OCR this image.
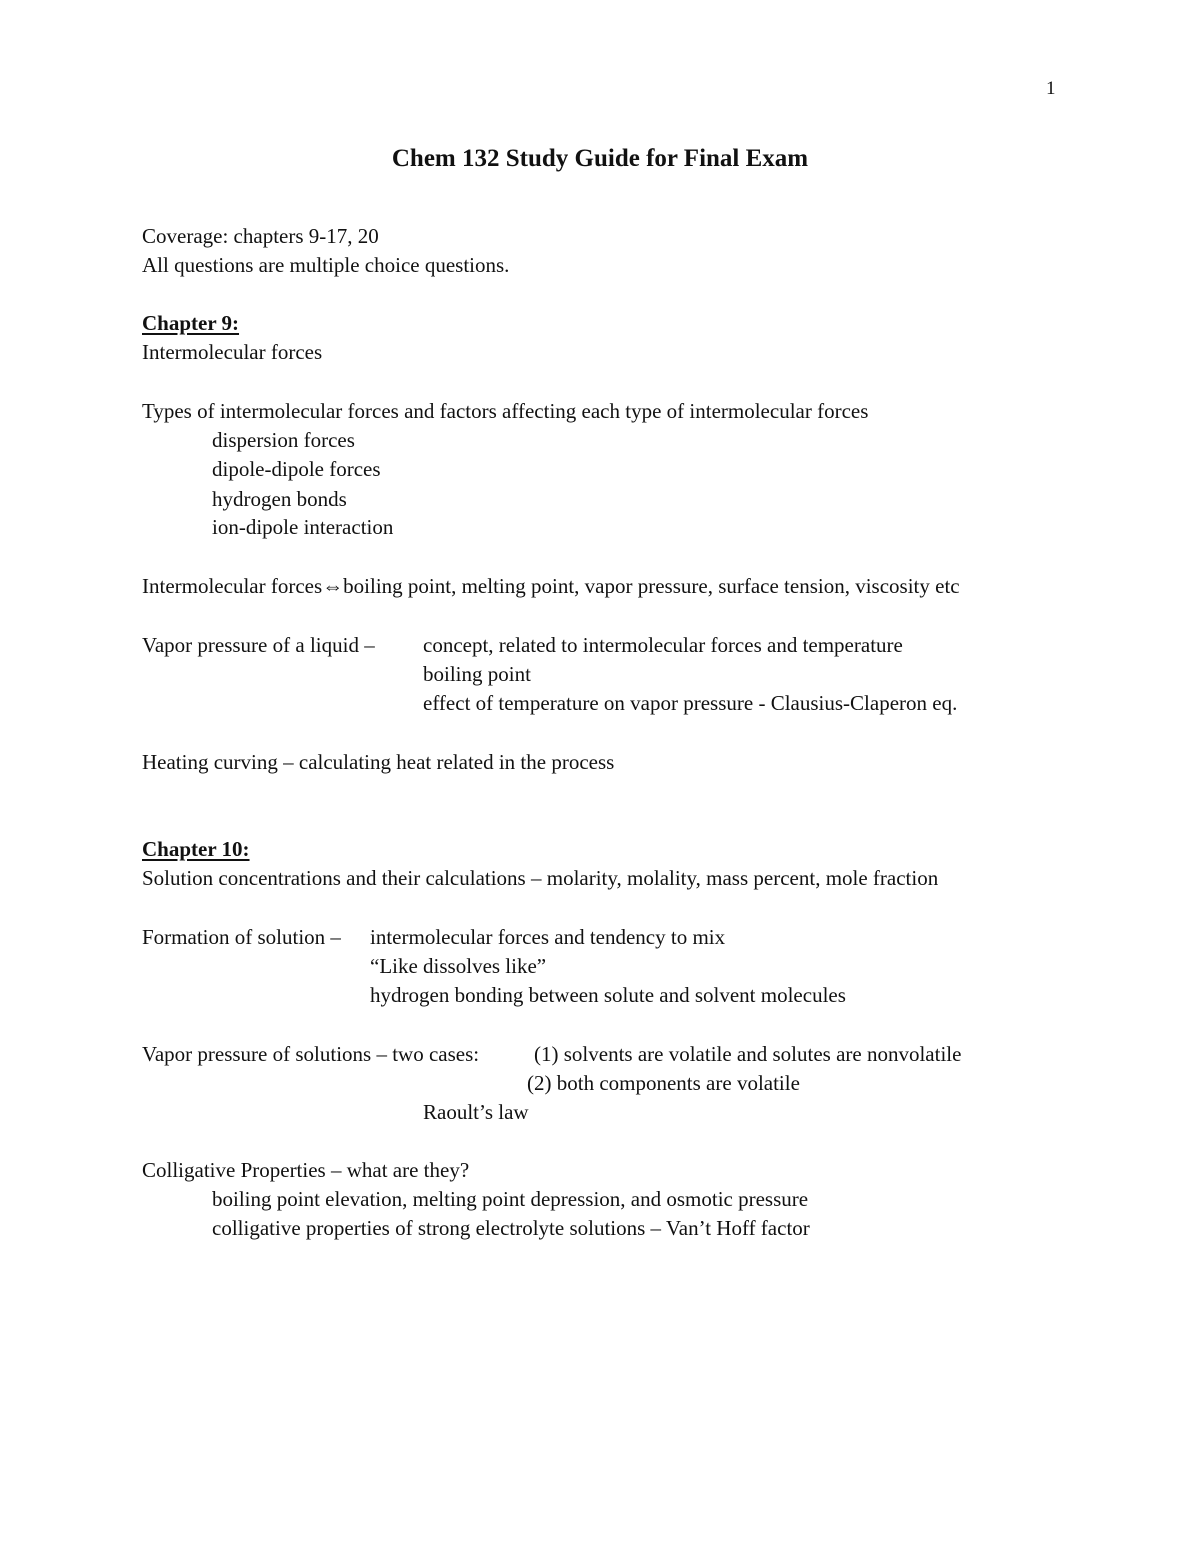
1
Chem 132 Study Guide for Final Exam
Coverage: chapters 9-17, 20
All questions are multiple choice questions.
Chapter 9:
Intermolecular forces
Types of intermolecular forces and factors affecting each type of intermolecular forces
dispersion forces
dipole-dipole forces
hydrogen bonds
ion-dipole interaction
Intermolecular forces⇔boiling point, melting point, vapor pressure, surface tension, viscosity etc
Vapor pressure of a liquid – concept, related to intermolecular forces and temperature
boiling point
effect of temperature on vapor pressure - Clausius-Claperon eq.
Heating curving – calculating heat related in the process
Chapter 10:
Solution concentrations and their calculations – molarity, molality, mass percent, mole fraction
Formation of solution – intermolecular forces and tendency to mix
“Like dissolves like”
hydrogen bonding between solute and solvent molecules
Vapor pressure of solutions – two cases:	(1) solvents are volatile and solutes are nonvolatile
(2) both components are volatile
Raoult’s law
Colligative Properties – what are they?
boiling point elevation, melting point depression, and osmotic pressure
colligative properties of strong electrolyte solutions – Van’t Hoff factor
